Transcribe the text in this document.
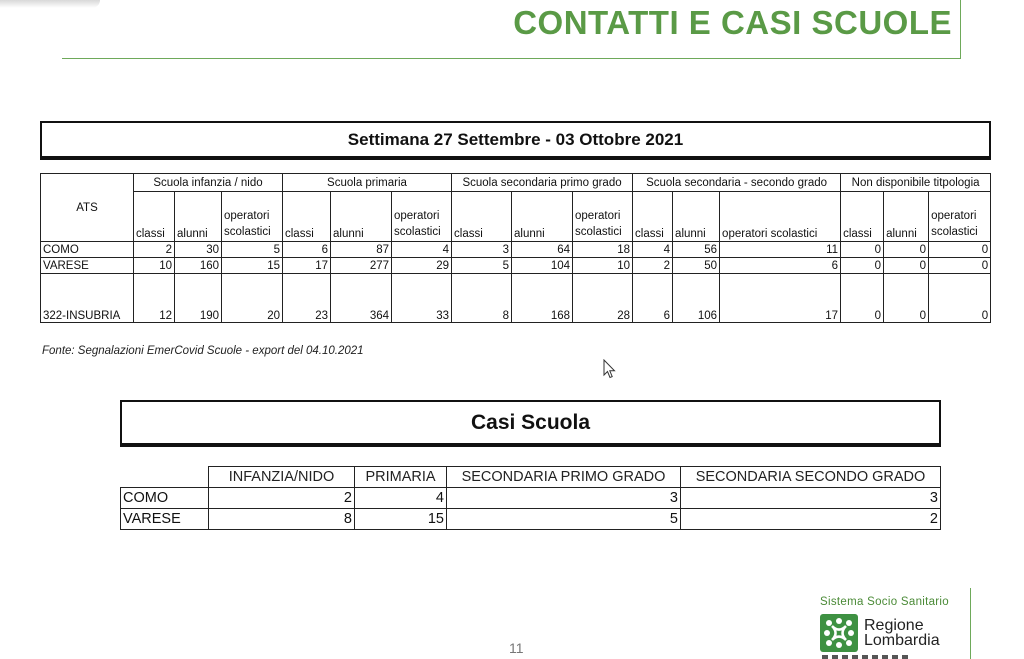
CONTATTI E CASI SCUOLE
Settimana 27 Settembre - 03 Ottobre 2021
ATS	Scuola infanzia / nido			Scuola primaria			Scuola secondaria primo grado			Scuola secondaria - secondo grado			Non disponibile titpologia		
	classi	alunni	operatori scolastici	classi	alunni	operatori scolastici	classi	alunni	operatori scolastici	classi	alunni	operatori scolastici	classi	alunni	operatori scolastici
COMO	2	30	5	6	87	4	3	64	18	4	56	11	0	0	0
VARESE	10	160	15	17	277	29	5	104	10	2	50	6	0	0	0
322-INSUBRIA	12	190	20	23	364	33	8	168	28	6	106	17	0	0	0
Fonte: Segnalazioni EmerCovid Scuole - export del 04.10.2021
Casi Scuola
	INFANZIA/NIDO	PRIMARIA	SECONDARIA PRIMO GRADO	SECONDARIA SECONDO GRADO
COMO	2	4	3	3
VARESE	8	15	5	2
11
Sistema Socio Sanitario
Regione
Lombardia
